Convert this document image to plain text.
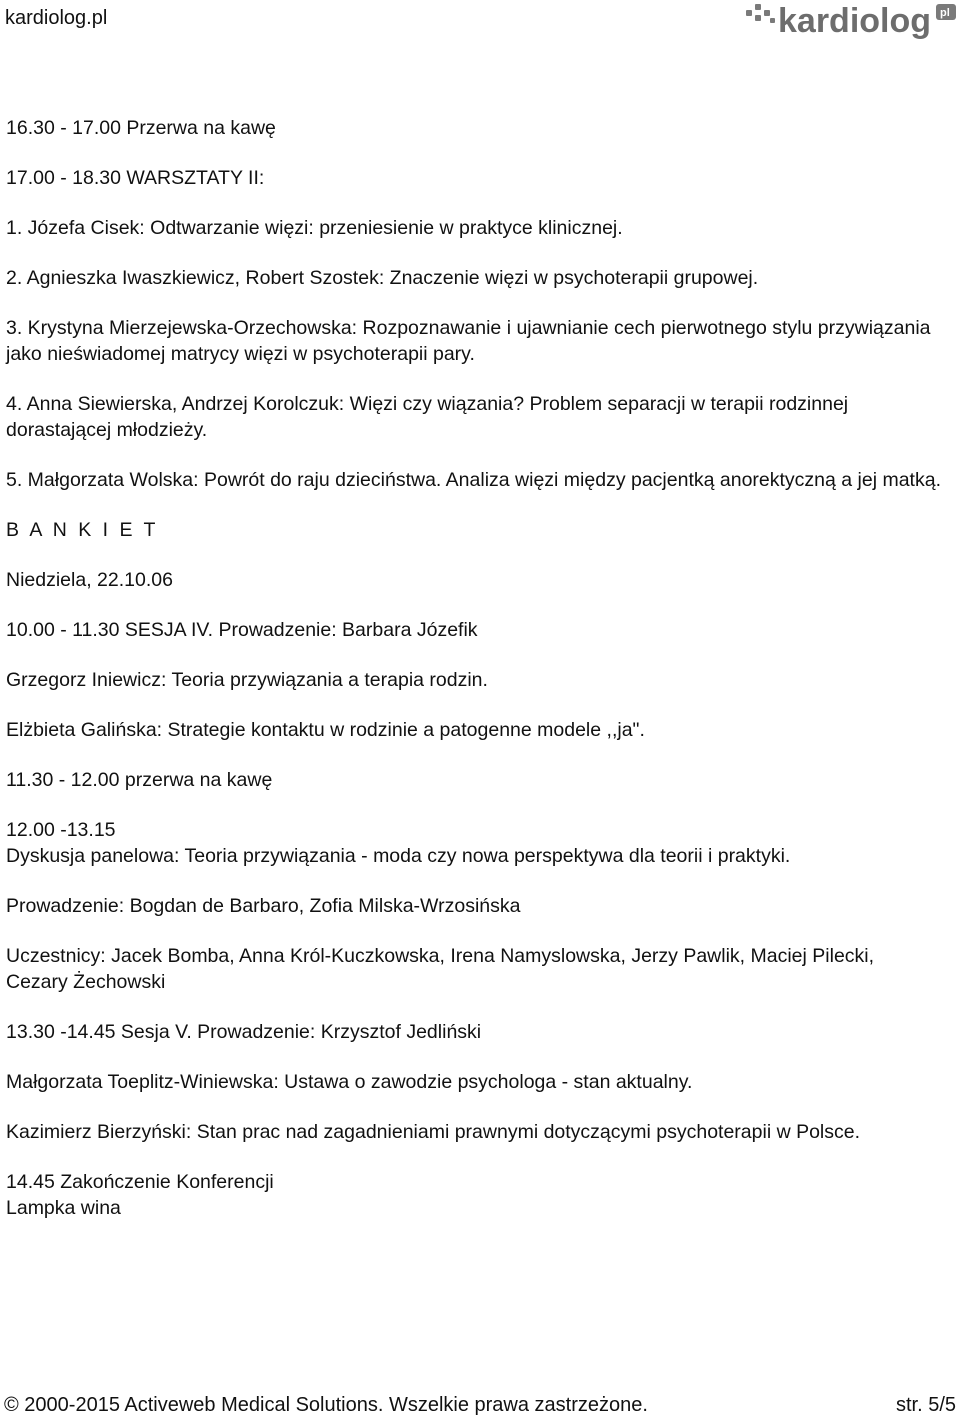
kardiolog.pl	kardiolog pl

16.30 - 17.00 Przerwa na kawę

17.00 - 18.30 WARSZTATY II:

1. Józefa Cisek: Odtwarzanie więzi: przeniesienie w praktyce klinicznej.

2. Agnieszka Iwaszkiewicz, Robert Szostek: Znaczenie więzi w psychoterapii grupowej.

3. Krystyna Mierzejewska-Orzechowska: Rozpoznawanie i ujawnianie cech pierwotnego stylu przywiązania jako nieświadomej matrycy więzi w psychoterapii pary.

4. Anna Siewierska, Andrzej Korolczuk: Więzi czy wiązania? Problem separacji w terapii rodzinnej dorastającej młodzieży.

5. Małgorzata Wolska: Powrót do raju dzieciństwa. Analiza więzi między pacjentką anorektyczną a jej matką.

B A N K I E T

Niedziela, 22.10.06

10.00 - 11.30 SESJA IV. Prowadzenie: Barbara Józefik

Grzegorz Iniewicz: Teoria przywiązania a terapia rodzin.

Elżbieta Galińska: Strategie kontaktu w rodzinie a patogenne modele ,,ja".

11.30 - 12.00 przerwa na kawę

12.00 -13.15

Dyskusja panelowa: Teoria przywiązania - moda czy nowa perspektywa dla teorii i praktyki.

Prowadzenie: Bogdan de Barbaro, Zofia Milska-Wrzosińska

Uczestnicy: Jacek Bomba, Anna Król-Kuczkowska, Irena Namyslowska, Jerzy Pawlik, Maciej Pilecki,

Cezary Żechowski

13.30 -14.45 Sesja V. Prowadzenie: Krzysztof Jedliński

Małgorzata Toeplitz-Winiewska: Ustawa o zawodzie psychologa - stan aktualny.

Kazimierz Bierzyński: Stan prac nad zagadnieniami prawnymi dotyczącymi psychoterapii w Polsce.

14.45 Zakończenie Konferencji

Lampka wina

© 2000-2015 Activeweb Medical Solutions. Wszelkie prawa zastrzeżone.	str. 5/5
